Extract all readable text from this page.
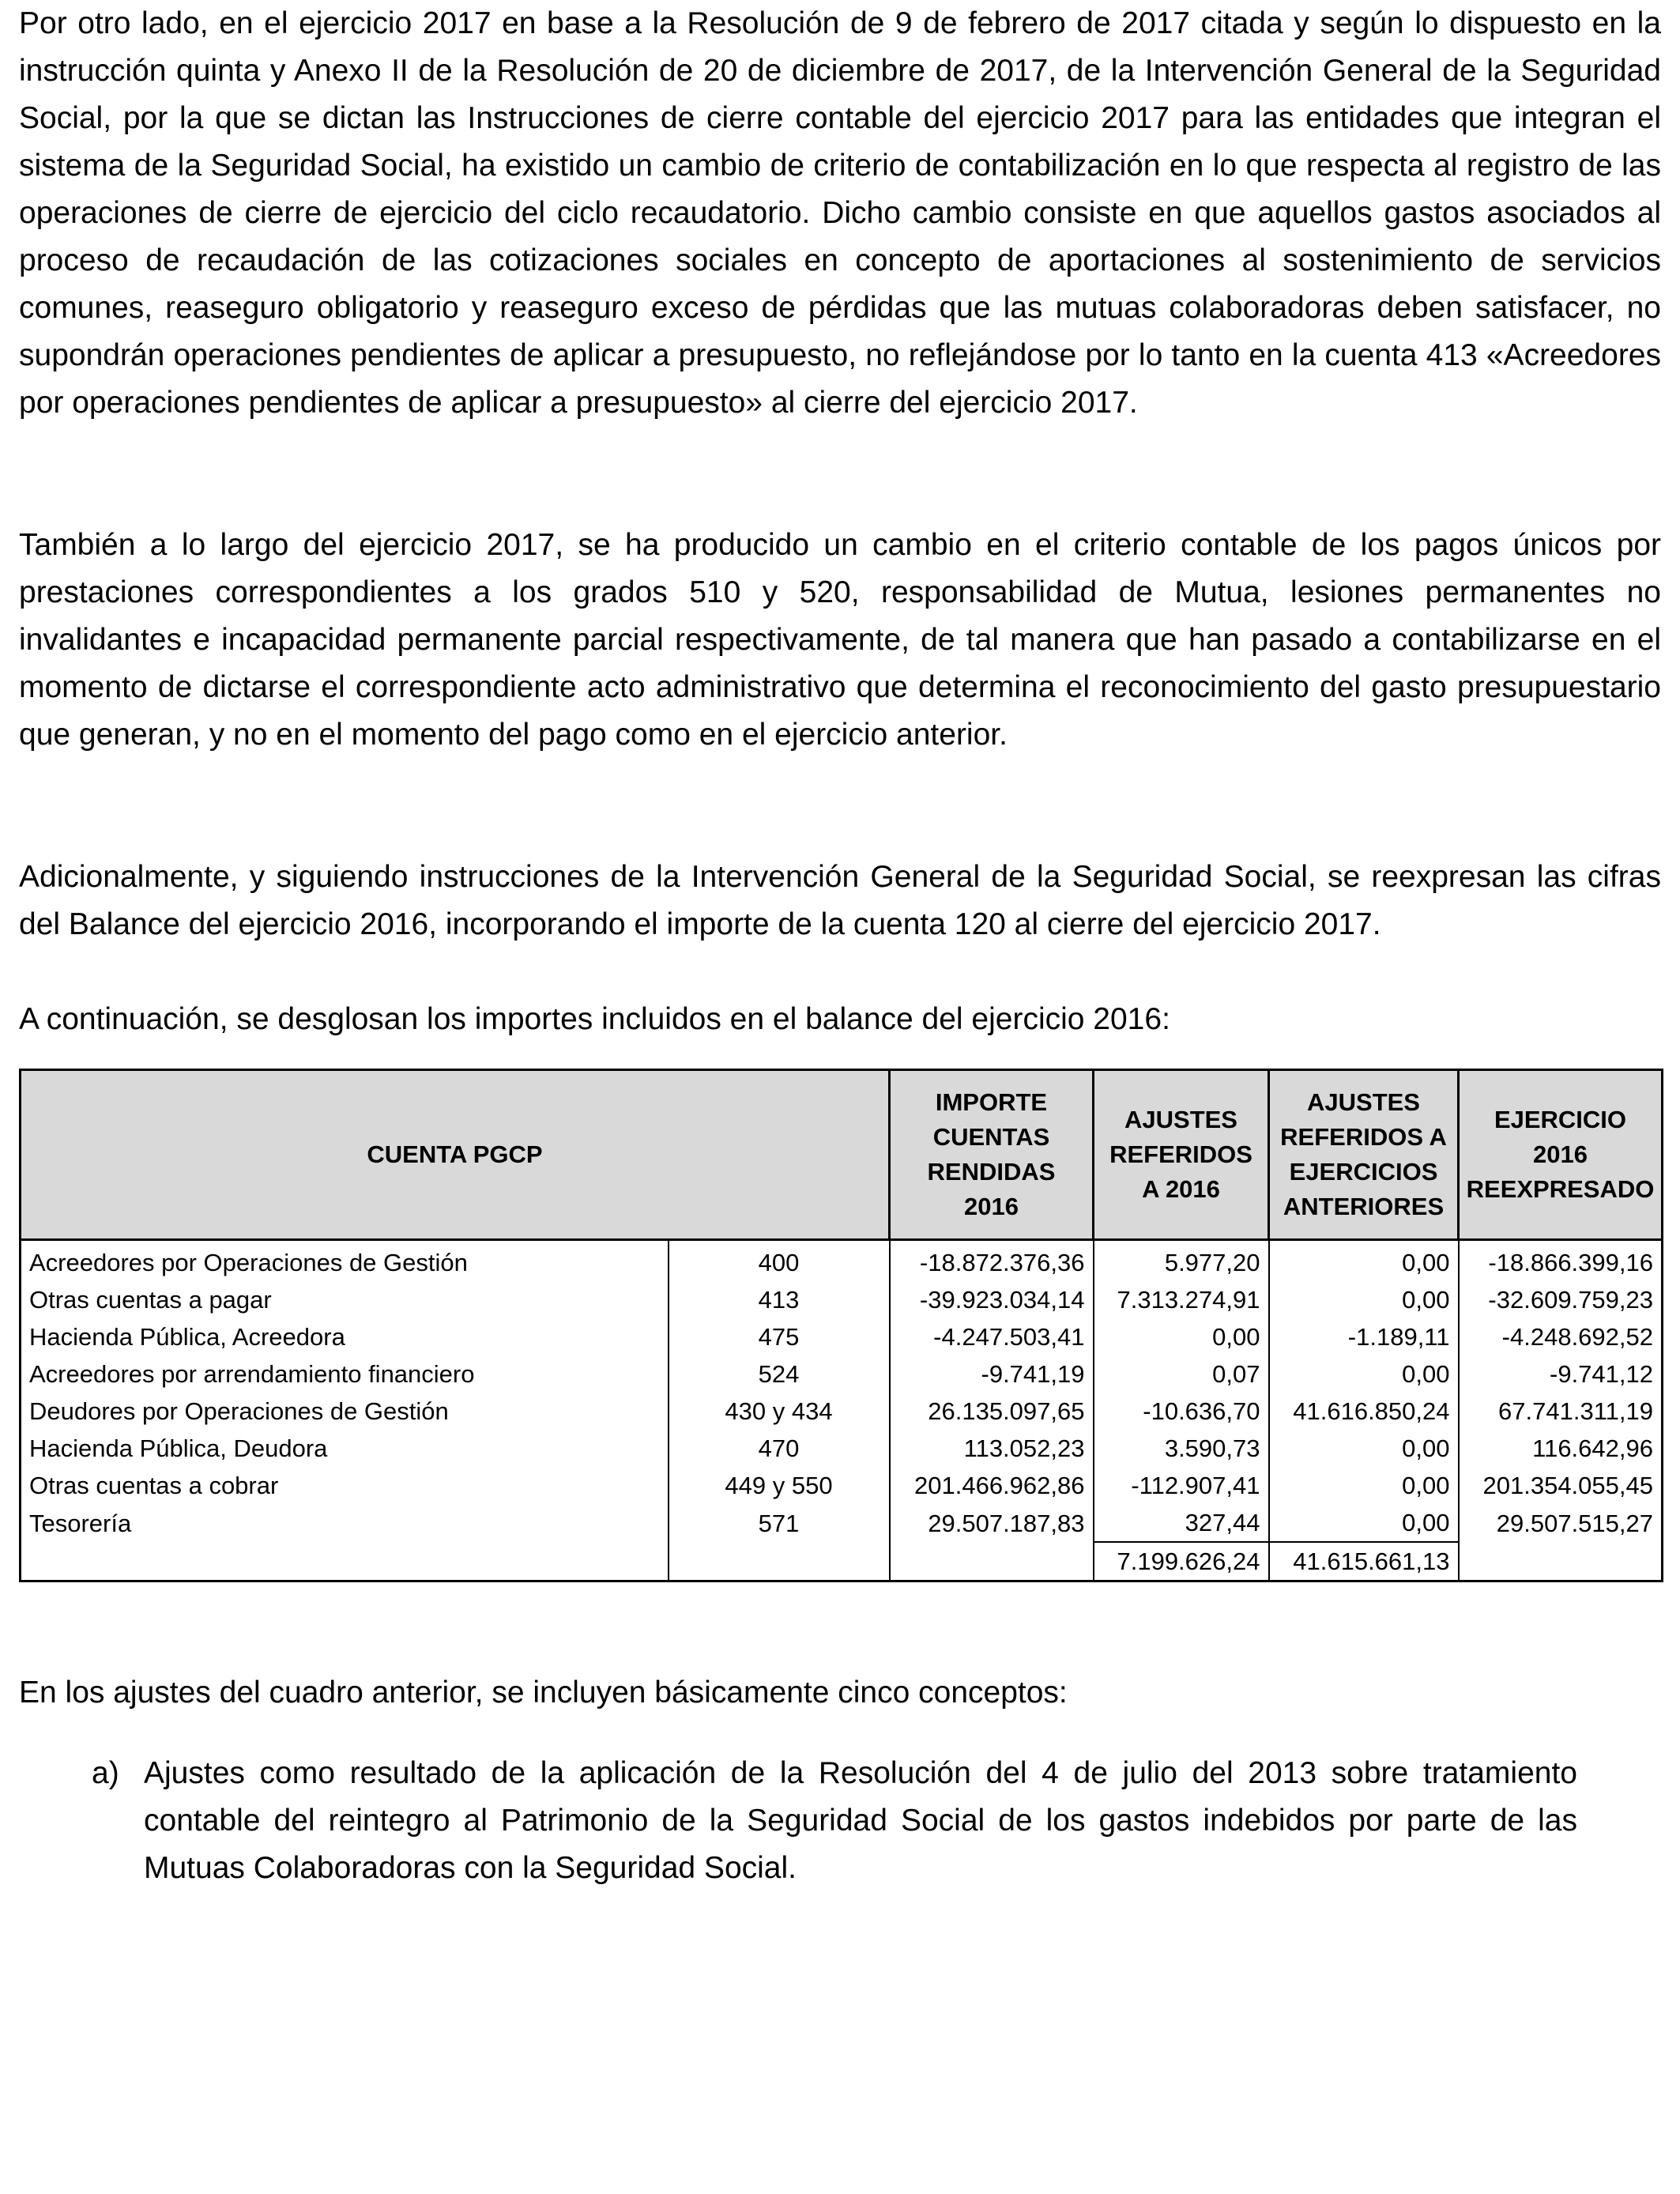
Por otro lado, en el ejercicio 2017 en base a la Resolución de 9 de febrero de 2017 citada y según lo dispuesto en la instrucción quinta y Anexo II de la Resolución de 20 de diciembre de 2017, de la Intervención General de la Seguridad Social, por la que se dictan las Instrucciones de cierre contable del ejercicio 2017 para las entidades que integran el sistema de la Seguridad Social, ha existido un cambio de criterio de contabilización en lo que respecta al registro de las operaciones de cierre de ejercicio del ciclo recaudatorio. Dicho cambio consiste en que aquellos gastos asociados al proceso de recaudación de las cotizaciones sociales en concepto de aportaciones al sostenimiento de servicios comunes, reaseguro obligatorio y reaseguro exceso de pérdidas que las mutuas colaboradoras deben satisfacer, no supondrán operaciones pendientes de aplicar a presupuesto, no reflejándose por lo tanto en la cuenta 413 «Acreedores por operaciones pendientes de aplicar a presupuesto» al cierre del ejercicio 2017.

También a lo largo del ejercicio 2017, se ha producido un cambio en el criterio contable de los pagos únicos por prestaciones correspondientes a los grados 510 y 520, responsabilidad de Mutua, lesiones permanentes no invalidantes e incapacidad permanente parcial respectivamente, de tal manera que han pasado a contabilizarse en el momento de dictarse el correspondiente acto administrativo que determina el reconocimiento del gasto presupuestario que generan, y no en el momento del pago como en el ejercicio anterior.

Adicionalmente, y siguiendo instrucciones de la Intervención General de la Seguridad Social, se reexpresan las cifras del Balance del ejercicio 2016, incorporando el importe de la cuenta 120 al cierre del ejercicio 2017.

A continuación, se desglosan los importes incluidos en el balance del ejercicio 2016:

CUENTA PGCP		IMPORTE CUENTAS RENDIDAS 2016	AJUSTES REFERIDOS A 2016	AJUSTES REFERIDOS A EJERCICIOS ANTERIORES	EJERCICIO 2016 REEXPRESADO
Acreedores por Operaciones de Gestión	400	-18.872.376,36	5.977,20	0,00	-18.866.399,16
Otras cuentas a pagar	413	-39.923.034,14	7.313.274,91	0,00	-32.609.759,23
Hacienda Pública, Acreedora	475	-4.247.503,41	0,00	-1.189,11	-4.248.692,52
Acreedores por arrendamiento financiero	524	-9.741,19	0,07	0,00	-9.741,12
Deudores por Operaciones de Gestión	430 y 434	26.135.097,65	-10.636,70	41.616.850,24	67.741.311,19
Hacienda Pública, Deudora	470	113.052,23	3.590,73	0,00	116.642,96
Otras cuentas a cobrar	449 y 550	201.466.962,86	-112.907,41	0,00	201.354.055,45
Tesorería	571	29.507.187,83	327,44	0,00	29.507.515,27
			7.199.626,24	41.615.661,13	

En los ajustes del cuadro anterior, se incluyen básicamente cinco conceptos:

a) Ajustes como resultado de la aplicación de la Resolución del 4 de julio del 2013 sobre tratamiento contable del reintegro al Patrimonio de la Seguridad Social de los gastos indebidos por parte de las Mutuas Colaboradoras con la Seguridad Social.
